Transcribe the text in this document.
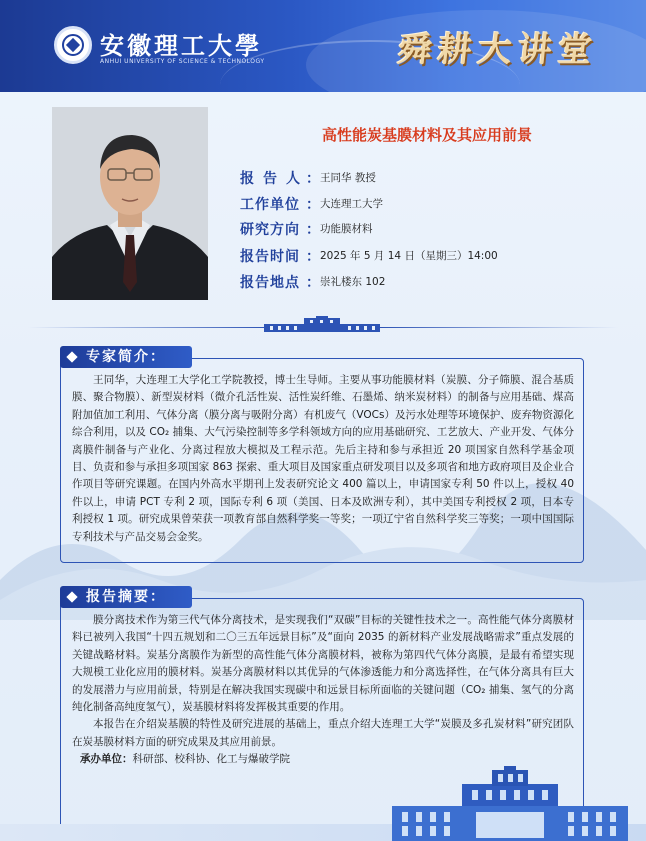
安徽理工大學
ANHUI UNIVERSITY OF SCIENCE & TECHNOLOGY	舜耕大讲堂
高性能炭基膜材料及其应用前景
报告人
： 王同华 教授
工作单位 ： 大连理工大学
研究方向 ： 功能膜材料
报告时间 ： 2025 年 5 月 14 日（星期三）14:00
报告地点 ： 崇礼楼东 102
专家简介：

王同华，大连理工大学化工学院教授，博士生导师。主要从事功能膜材料（炭膜、分子筛膜、混合基质膜、聚合物膜）、新型炭材料（微介孔活性炭、活性炭纤维、石墨烯、纳米炭材料）的制备与应用基础、煤高附加值加工利用、气体分离（膜分离与吸附分离）有机废气（VOCs）及污水处理等环境保护、废弃物资源化综合利用，以及 CO₂ 捕集、大气污染控制等多学科领域方向的应用基础研究、工艺放大、产业开发、气体分离膜件制备与产业化、分离过程放大模拟及工程示范。先后主持和参与承担近 20 项国家自然科学基金项目、负责和参与承担多项国家 863 探索、重大项目及国家重点研发项目以及多项省和地方政府项目及企业合作项目等研究课题。在国内外高水平期刊上发表研究论文 400 篇以上，申请国家专利 50 件以上，授权 40 件以上，申请 PCT 专利 2 项，国际专利 6 项（美国、日本及欧洲专利），其中美国专利授权 2 项，日本专利授权 1 项。研究成果曾荣获一项教育部自然科学奖一等奖；一项辽宁省自然科学奖三等奖；一项中国国际专利技术与产品交易会金奖。

报告摘要：

膜分离技术作为第三代气体分离技术，是实现我们“双碳”目标的关键性技术之一。高性能气体分离膜材料已被列入我国“十四五规划和二〇三五年远景目标”及“面向 2035 的新材料产业发展战略需求”重点发展的关键战略材料。炭基分离膜作为新型的高性能气体分离膜材料，被称为第四代气体分离膜，是最有希望实现大规模工业化应用的膜材料。炭基分离膜材料以其优异的气体渗透能力和分离选择性，在气体分离具有巨大的发展潜力与应用前景，特别是在解决我国实现碳中和远景目标所面临的关键问题（CO₂ 捕集、氢气的分离纯化制备高纯度氢气），炭基膜材料将发挥极其重要的作用。

本报告在介绍炭基膜的特性及研究进展的基础上，重点介绍大连理工大学“炭膜及多孔炭材料”研究团队在炭基膜材料方面的研究成果及其应用前景。

承办单位：科研部、校科协、化工与爆破学院
